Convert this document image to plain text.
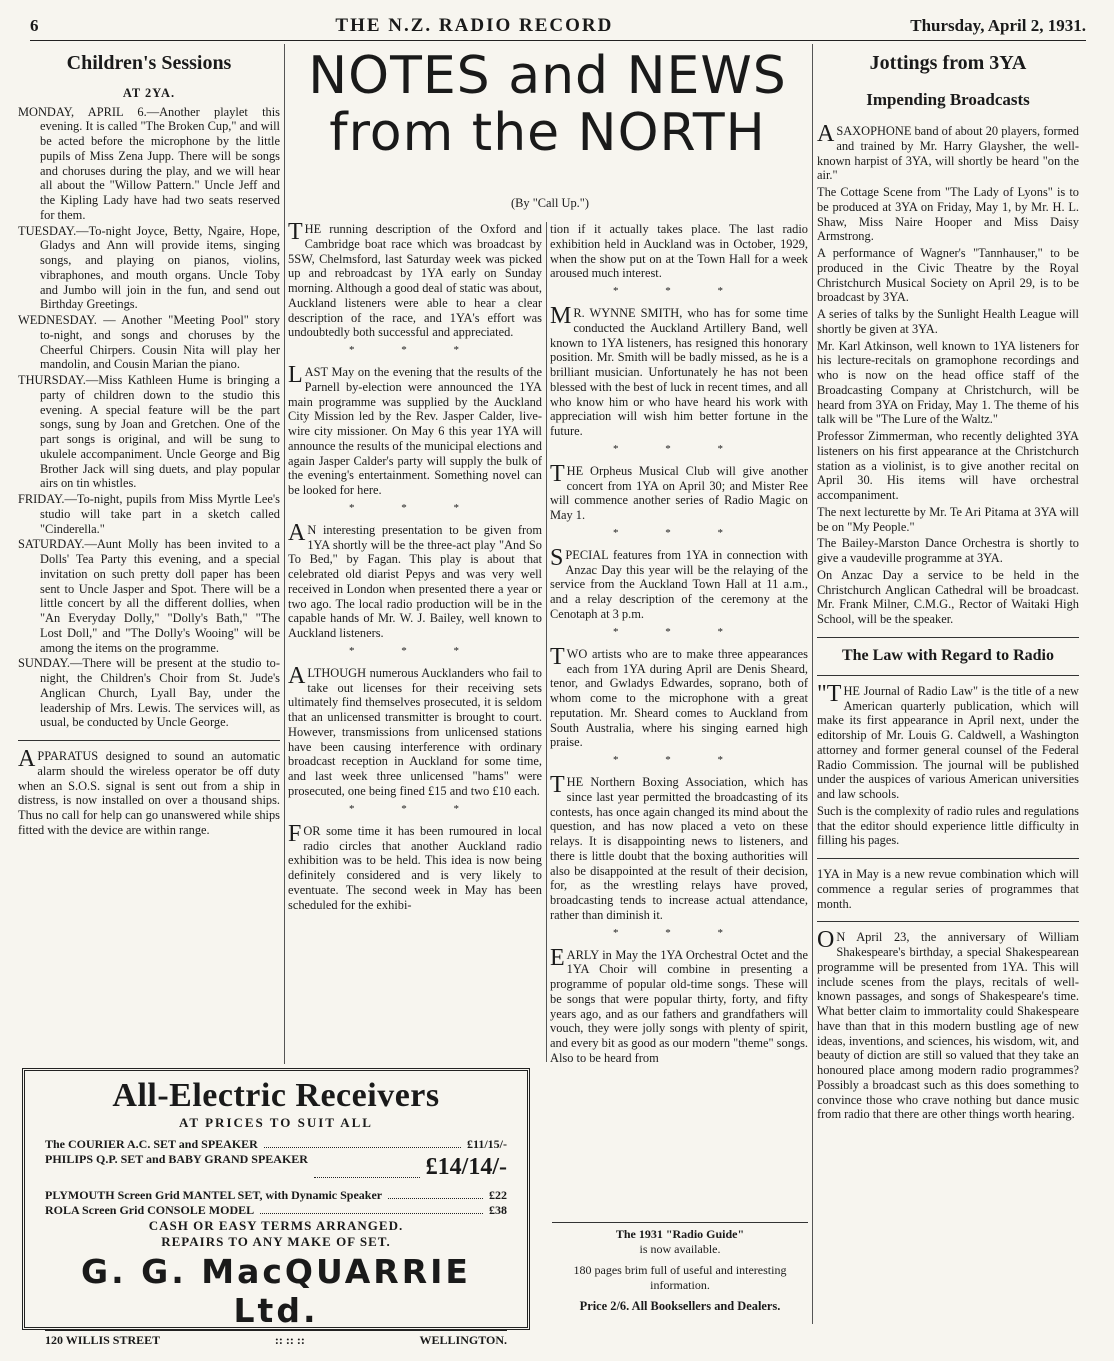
6	THE N.Z. RADIO RECORD	Thursday, April 2, 1931.
Children's Sessions
AT 2YA.

MONDAY, APRIL 6.—Another playlet this evening. It is called "The Broken Cup," and will be acted before the microphone by the little pupils of Miss Zena Jupp. There will be songs and choruses during the play, and we will hear all about the "Willow Pattern." Uncle Jeff and the Kipling Lady have had two seats reserved for them.

TUESDAY.—To-night Joyce, Betty, Ngaire, Hope, Gladys and Ann will provide items, singing songs, and playing on pianos, violins, vibraphones, and mouth organs. Uncle Toby and Jumbo will join in the fun, and send out Birthday Greetings.

WEDNESDAY. — Another "Meeting Pool" story to-night, and songs and choruses by the Cheerful Chirpers. Cousin Nita will play her mandolin, and Cousin Marian the piano.

THURSDAY.—Miss Kathleen Hume is bringing a party of children down to the studio this evening. A special feature will be the part songs, sung by Joan and Gretchen. One of the part songs is original, and will be sung to ukulele accompaniment. Uncle George and Big Brother Jack will sing duets, and play popular airs on tin whistles.

FRIDAY.—To-night, pupils from Miss Myrtle Lee's studio will take part in a sketch called "Cinderella."

SATURDAY.—Aunt Molly has been invited to a Dolls' Tea Party this evening, and a special invitation on such pretty doll paper has been sent to Uncle Jasper and Spot. There will be a little concert by all the different dollies, when "An Everyday Dolly," "Dolly's Bath," "The Lost Doll," and "The Dolly's Wooing" will be among the items on the programme.

SUNDAY.—There will be present at the studio to-night, the Children's Choir from St. Jude's Anglican Church, Lyall Bay, under the leadership of Mrs. Lewis. The services will, as usual, be conducted by Uncle George.

APPARATUS designed to sound an automatic alarm should the wireless operator be off duty when an S.O.S. signal is sent out from a ship in distress, is now installed on over a thousand ships. Thus no call for help can go unanswered while ships fitted with the device are within range.

NOTES and NEWS
from the NORTH
(By "Call Up.")

THE running description of the Oxford and Cambridge boat race which was broadcast by 5SW, Chelmsford, last Saturday week was picked up and rebroadcast by 1YA early on Sunday morning. Although a good deal of static was about, Auckland listeners were able to hear a clear description of the race, and 1YA's effort was undoubtedly both successful and appreciated.

* * *

LAST May on the evening that the results of the Parnell by-election were announced the 1YA main programme was supplied by the Auckland City Mission led by the Rev. Jasper Calder, live-wire city missioner. On May 6 this year 1YA will announce the results of the municipal elections and again Jasper Calder's party will supply the bulk of the evening's entertainment. Something novel can be looked for here.

* * *

AN interesting presentation to be given from 1YA shortly will be the three-act play "And So To Bed," by Fagan. This play is about that celebrated old diarist Pepys and was very well received in London when presented there a year or two ago. The local radio production will be in the capable hands of Mr. W. J. Bailey, well known to Auckland listeners.

* * *

ALTHOUGH numerous Aucklanders who fail to take out licenses for their receiving sets ultimately find themselves prosecuted, it is seldom that an unlicensed transmitter is brought to court. However, transmissions from unlicensed stations have been causing interference with ordinary broadcast reception in Auckland for some time, and last week three unlicensed "hams" were prosecuted, one being fined £15 and two £10 each.

* * *

FOR some time it has been rumoured in local radio circles that another Auckland radio exhibition was to be held. This idea is now being definitely considered and is very likely to eventuate. The second week in May has been scheduled for the exhibi-

tion if it actually takes place. The last radio exhibition held in Auckland was in October, 1929, when the show put on at the Town Hall for a week aroused much interest.

* * *

MR. WYNNE SMITH, who has for some time conducted the Auckland Artillery Band, well known to 1YA listeners, has resigned this honorary position. Mr. Smith will be badly missed, as he is a brilliant musician. Unfortunately he has not been blessed with the best of luck in recent times, and all who know him or who have heard his work with appreciation will wish him better fortune in the future.

* * *

THE Orpheus Musical Club will give another concert from 1YA on April 30; and Mister Ree will commence another series of Radio Magic on May 1.

* * *

SPECIAL features from 1YA in connection with Anzac Day this year will be the relaying of the service from the Auckland Town Hall at 11 a.m., and a relay description of the ceremony at the Cenotaph at 3 p.m.

* * *

TWO artists who are to make three appearances each from 1YA during April are Denis Sheard, tenor, and Gwladys Edwardes, soprano, both of whom come to the microphone with a great reputation. Mr. Sheard comes to Auckland from South Australia, where his singing earned high praise.

* * *

THE Northern Boxing Association, which has since last year permitted the broadcasting of its contests, has once again changed its mind about the question, and has now placed a veto on these relays. It is disappointing news to listeners, and there is little doubt that the boxing authorities will also be disappointed at the result of their decision, for, as the wrestling relays have proved, broadcasting tends to increase actual attendance, rather than diminish it.

* * *

EARLY in May the 1YA Orchestral Octet and the 1YA Choir will combine in presenting a programme of popular old-time songs. These will be songs that were popular thirty, forty, and fifty years ago, and as our fathers and grandfathers will vouch, they were jolly songs with plenty of spirit, and every bit as good as our modern "theme" songs. Also to be heard from

Jottings from 3YA
Impending Broadcasts

ASAXOPHONE band of about 20 players, formed and trained by Mr. Harry Glaysher, the well-known harpist of 3YA, will shortly be heard "on the air."

The Cottage Scene from "The Lady of Lyons" is to be produced at 3YA on Friday, May 1, by Mr. H. L. Shaw, Miss Naire Hooper and Miss Daisy Armstrong.

A performance of Wagner's "Tannhauser," to be produced in the Civic Theatre by the Royal Christchurch Musical Society on April 29, is to be broadcast by 3YA.

A series of talks by the Sunlight Health League will shortly be given at 3YA.

Mr. Karl Atkinson, well known to 1YA listeners for his lecture-recitals on gramophone recordings and who is now on the head office staff of the Broadcasting Company at Christchurch, will be heard from 3YA on Friday, May 1. The theme of his talk will be "The Lure of the Waltz."

Professor Zimmerman, who recently delighted 3YA listeners on his first appearance at the Christchurch station as a violinist, is to give another recital on April 30. His items will have orchestral accompaniment.

The next lecturette by Mr. Te Ari Pitama at 3YA will be on "My People."

The Bailey-Marston Dance Orchestra is shortly to give a vaudeville programme at 3YA.

On Anzac Day a service to be held in the Christchurch Anglican Cathedral will be broadcast. Mr. Frank Milner, C.M.G., Rector of Waitaki High School, will be the speaker.

The Law with Regard to Radio

"THE Journal of Radio Law" is the title of a new American quarterly publication, which will make its first appearance in April next, under the editorship of Mr. Louis G. Caldwell, a Washington attorney and former general counsel of the Federal Radio Commission. The journal will be published under the auspices of various American universities and law schools.

Such is the complexity of radio rules and regulations that the editor should experience little difficulty in filling his pages.

1YA in May is a new revue combination which will commence a regular series of programmes that month.

ON April 23, the anniversary of William Shakespeare's birthday, a special Shakespearean programme will be presented from 1YA. This will include scenes from the plays, recitals of well-known passages, and songs of Shakespeare's time. What better claim to immortality could Shakespeare have than that in this modern bustling age of new ideas, inventions, and sciences, his wisdom, wit, and beauty of diction are still so valued that they take an honoured place among modern radio programmes? Possibly a broadcast such as this does something to convince those who crave nothing but dance music from radio that there are other things worth hearing.

All-Electric Receivers
AT PRICES TO SUIT ALL
The COURIER A.C. SET and SPEAKER	£11/15/-
PHILIPS Q.P. SET and BABY GRAND SPEAKER	£14/14/-
PLYMOUTH Screen Grid MANTEL SET, with Dynamic Speaker	£22
ROLA Screen Grid CONSOLE MODEL	£38
CASH OR EASY TERMS ARRANGED.
REPAIRS TO ANY MAKE OF SET.
G. G. MacQUARRIE Ltd.
120 WILLIS STREET	:: :: ::	WELLINGTON.
The 1931 "Radio Guide"
is now available.
180 pages brim full of useful and interesting information.
Price 2/6. All Booksellers and Dealers.
